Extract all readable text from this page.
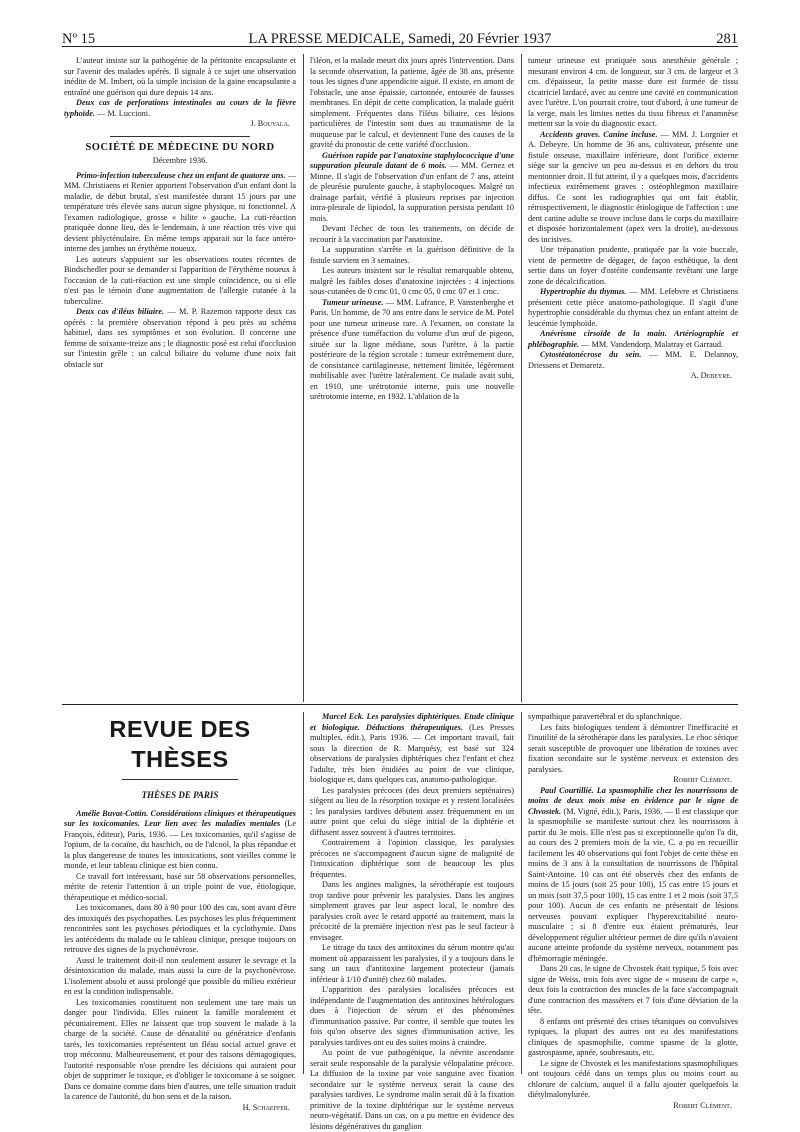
Nº 15	LA PRESSE MEDICALE, Samedi, 20 Février 1937	281

L'auteur insiste sur la pathogénie de la péritonite encapsulante et sur l'avenir des malades opérés. Il signale à ce sujet une observation inédite de M. Imbert, où la simple incision de la gaine encapsulante a entraîné une guérison qui dure depuis 14 ans.

Deux cas de perforations intestinales au cours de la fièvre typhoïde. — M. Luccioni.

J. Bouyala.

SOCIÉTÉ DE MÉDECINE DU NORD
Décembre 1936.

Primo-infection tuberculeuse chez un enfant de quatorze ans. — MM. Christiaens et Renier apportent l'observation d'un enfant dont la maladie, de début brutal, s'est manifestée durant 15 jours par une température très élevée sans aucun signe physique, ni fonctionnel. A l'examen radiologique, grosse « hilite » gauche. La cuti-réaction pratiquée donne lieu, dès le lendemain, à une réaction très vive qui devient phlycténulaire. En même temps apparait sur la face antéro-interne des jambes un érythème noueux.

Les auteurs s'appuient sur les observations toutes récentes de Bindschedler pour se demander si l'apparition de l'érythème noueux à l'occasion de la cuti-réaction est une simple coïncidence, ou si elle n'est pas le témoin d'une augmentation de l'allergie cutanée à la tuberculine.

Deux cas d'iléus biliaire. — M. P. Razemon rapporte deux cas opérés : la première observation répond à peu près au schéma habituel, dans ses symptômes et son évolution. Il concerne une femme de soixante-treize ans ; le diagnostic posé est celui d'occlusion sur l'intestin grêle : un calcul biliaire du volume d'une noix fait obstacle sur

l'iléon, et la malade meurt dix jours après l'intervention. Dans la seconde observation, la patiente, âgée de 38 ans, présente tous les signes d'une appendicite aiguë. Il existe, en amont de l'obstacle, une anse épaissie, cartonnée, entourée de fausses membranes. En dépit de cette complication, la malade guérit simplement. Fréquentes dans l'iléus biliaire, ces lésions particulières de l'intestin sont dues au traumatisme de la muqueuse par le calcul, et deviennent l'une des causes de la gravité du pronostic de cette variété d'occlusion.

Guérison rapide par l'anatoxine staphylococcique d'une suppuration pleurale datant de 6 mois. — MM. Gernez et Minne. Il s'agit de l'observation d'un enfant de 7 ans, atteint de pleurésie purulente gauche, à staphylocoques. Malgré un drainage parfait, vérifié à plusieurs reprises par injection intra-pleurale de lipiodol, la suppuration persista pendant 10 mois.

Devant l'échec de tous les traitements, on décide de recourir à la vaccination par l'anatoxine.

La suppuration s'arrête et la guérison définitive de la fistule survient en 3 semaines.

Les auteurs insistent sur le résultat remarquable obtenu, malgré les faibles doses d'anatoxine injectées : 4 injections sous-cutanées de 0 cmc 01, 0 cmc 05, 0 cmc 07 et 1 cmc.

Tumeur urineuse. — MM. Lafrance, P. Vanstenberghe et Paris. Un homme, de 70 ans entre dans le service de M. Potel pour une tumeur urineuse rare. A l'examen, on constate la présence d'une tuméfaction du volume d'un œuf de pigeon, située sur la ligne médiane, sous l'urètre, à la partie postérieure de la région scrotale : tumeur extrêmement dure, de consistance cartilagineuse, nettement limitée, légèrement mobilisable avec l'urètre latéralement. Ce malade avait subi, en 1910, une urétrotomie interne, puis une nouvelle urétrotomie interne, en 1932. L'ablation de la

tumeur urineuse est pratiquée sous anesthésie générale ; mesurant environ 4 cm. de longueur, sur 3 cm. de largeur et 3 cm. d'épaisseur, la petite masse dure est formée de tissu cicatriciel lardacé, avec au centre une cavité en communication avec l'urètre. L'on pourrait croire, tout d'abord, à une tumeur de la verge, mais les limites nettes du tissu fibreux et l'anamnèse mettent sur la voie du diagnostic exact.

Accidents graves. Canine incluse. — MM. J. Lorgnier et A. Debeyre. Un homme de 36 ans, cultivateur, présente une fistule osseuse, maxillaire inférieure, dont l'orifice externe siège sur la gencive un peu au-dessus et en dehors du trou mentonnier droit. Il fut atteint, il y a quelques mois, d'accidents infectieux extrêmement graves : ostéophlegmon maxillaire diffus. Ce sont les radiographies qui ont fait établir, rétrospectivement, le diagnostic étiologique de l'affection : une dent canine adulte se trouve incluse dans le corps du maxillaire et disposée horizontalement (apex vers la droite), au-dessous des incisives.

Une trépanation prudente, pratiquée par la voie buccale, vient de permettre de dégager, de façon esthétique, la dent sertie dans un foyer d'ostéite condensante revêtant une large zone de décalcification.

Hypertrophie du thymus. — MM. Lefebvre et Christiaens présentent cette pièce anatomo-pathologique. Il s'agit d'une hypertrophie considérable du thymus chez un enfant atteint de leucémie lymphoïde.

Anévrisme cirsoïde de la main. Artériographie et phlébographie. — MM. Vandendorp, Malatray et Garraud.

Cytostéatonécrose du sein. — MM. E. Delannoy, Driessens et Demaretz.

A. Debeyre.

REVUE DES THÈSES
THÈSES DE PARIS

Amélie Buvat-Cottin. Considérations cliniques et thérapeutiques sur les toxicomanies. Leur lien avec les maladies mentales (Le François, éditeur), Paris, 1936. — Les toxicomanies, qu'il s'agisse de l'opium, de la cocaïne, du haschich, ou de l'alcool, la plus répandue et la plus dangereuse de toutes les intoxications, sont vieilles comme le monde, et leur tableau clinique est bien connu.

Ce travail fort intéressant, basé sur 58 observations personnelles, mérite de retenir l'attention à un triple point de vue, étiologique, thérapeutique et médico-social.

Les toxicomanes, dans 80 à 90 pour 100 des cas, sont avant d'être des intoxiqués des psychopathes. Les psychoses les plus fréquemment rencontrées sont les psychoses périodiques et la cyclothymie. Dans les antécédents du malade ou le tableau clinique, presque toujours on retrouve des signes de la psychonévrose.

Aussi le traitement doit-il non seulement assurer le sevrage et la désintoxication du malade, mais aussi la cure de la psychonévrose. L'isolement absolu et aussi prolongé que possible du milieu extérieur en est la condition indispensable.

Les toxicomanies constituent non seulement une tare mais un danger pour l'individu. Elles ruinent la famille moralement et pécuniairement. Elles ne laissent que trop souvent le malade à la charge de la société. Cause de dénatalité ou génératrice d'enfants tarés, les toxicomanies représentent un fléau social actuel grave et trop méconnu. Malheureusement, et pour des raisons démagogiques, l'autorité responsable n'ose prendre les décisions qui auraient pour objet de supprimer le toxique, et d'obliger le toxicomane à se soigner. Dans ce domaine comme dans bien d'autres, une telle situation traduit la carence de l'autorité, du bon sens et de la raison.

H. Schaeffer.

Marcel Eck. Les paralysies diphtériques. Etude clinique et biologique. Déductions thérapeutiques. (Les Presses multiples, édit.), Paris 1936. — Cet important travail, fait sous la direction de R. Marquésy, est basé sur 324 observations de paralysies diphtériques chez l'enfant et chez l'adulte, très bien étudiées au point de vue clinique, biologique et, dans quelques cas, anatomo-pathologique.

Les paralysies précoces (des deux premiers septénaires) siègent au lieu de la résorption toxique et y restent localisées ; les paralysies tardives débutent assez fréquemment en un autre point que celui du siège initial de la diphtérie et diffusent assez souvent à d'autres territoires.

Contrairement à l'opinion classique, les paralysies précoces ne s'accompagnent d'aucun signe de malignité de l'intoxication diphtérique sont de beaucoup les plus fréquentes.

Dans les angines malignes, la sérothérapie est toujours trop tardive pour prévenir les paralysies. Dans les angines simplement graves par leur aspect local, le nombre des paralysies croît avec le retard apporté au traitement, mais la précocité de la première injection n'est pas le seul facteur à envisager.

Le titrage du taux des antitoxines du sérum montre qu'au moment où apparaissent les paralysies, il y a toujours dans le sang un taux d'antitoxine largement protecteur (jamais inférieur à 1/10 d'unité) chez 60 malades.

L'apparition des paralysies localisées précoces est indépendante de l'augmentation des antitoxines hétérologues dues à l'injection de sérum et des phénomènes d'immunisation passive. Par contre, il semble que toutes les fois qu'on observe des signes d'immunisation active, les paralysies tardives ont eu des suites moins à craindre.

Au point de vue pathogénique, la névrite ascendante serait seule responsable de la paralysie vélopalatine précoce. La diffusion de la toxine par voie sanguine avec fixation secondaire sur le système nerveux serait la cause des paralysies tardives. Le syndrome malin serait dû à la fixation primitive de la toxine diphtérique sur le système nerveux neuro-végétatif. Dans un cas, on a pu mettre en évidence des lésions dégénératives du ganglion

sympathique paravertébral et du splanchnique.

Les faits biologiques tendent à démontrer l'inefficacité et l'inutilité de la sérothérapie dans les paralysies. Le choc sérique serait susceptible de provoquer une libération de toxines avec fixation secondaire sur le système nerveux et extension des paralysies.

Robert Clément.

Paul Courtillié. La spasmophilie chez les nourrissons de moins de deux mois mise en évidence par le signe de Chvostek. (M. Vigné, édit.), Paris, 1936. — Il est classique que la spasmophilie se manifeste surtout chez les nourrissons à partir du 3e mois. Elle n'est pas si exceptionnelle qu'on l'a dit, au cours des 2 premiers mois de la vie, C. a pu en recueillir facilement les 40 observations qui font l'objet de cette thèse en moins de 3 ans à la consultation de nourrissons de l'hôpital Saint-Antoine. 10 cas ont été observés chez des enfants de moins de 15 jours (soit 25 pour 100), 15 cas entre 15 jours et un mois (soit 37,5 pour 100), 15 cas entre 1 et 2 mois (soit 37,5 pour 100). Aucun de ces enfants ne présentait de lésions nerveuses pouvant expliquer l'hyperexcitabilité neuro-musculaire ; si 8 d'entre eux étaient prématurés, leur développement régulier ultérieur permet de dire qu'ils n'avaient aucune atteinte profonde du système nerveux, notamment pas d'hémorragie méningée.

Dans 20 cas, le signe de Chvostek était typique, 5 fois avec signe de Weiss, trois fois avec signe de « museau de carpe », deux fois la contraction des muscles de la face s'accompagnait d'une contraction des masséters et 7 fois d'une déviation de la tête.

8 enfants ont présenté des crises tétaniques ou convulsives typiques, la plupart des autres ont eu des manifestations cliniques de spasmophilie, comme spasme de la glotte, gastrospasme, apnée, soubresauts, etc.

Le signe de Chvostek et les manifestations spasmophiliques ont toujours cédé dans un temps plus ou moins court au chlorure de calcium, auquel il a fallu ajouter quelquefois la diétylmalonylurée.

Robert Clément.
